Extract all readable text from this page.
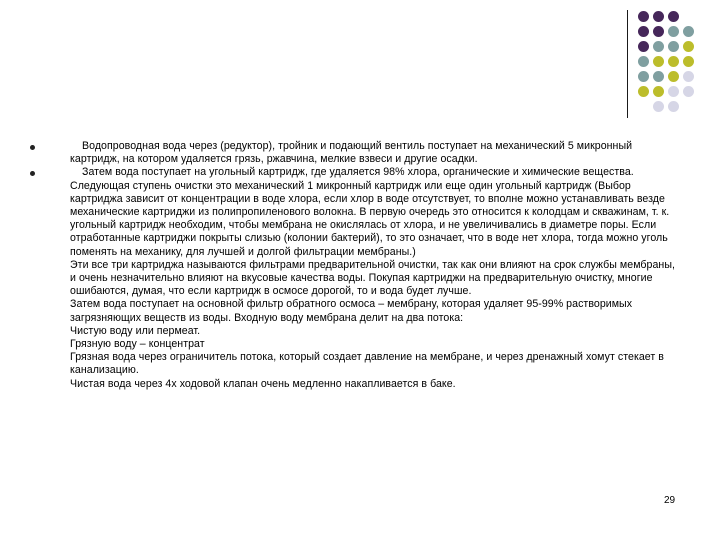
Водопроводная вода через (редуктор), тройник и подающий вентиль поступает на механический 5 микронный картридж, на котором удаляется грязь, ржавчина, мелкие взвеси и другие осадки.
Затем вода поступает на угольный картридж, где удаляется 98% хлора, органические и химические вещества.
Следующая ступень очистки это механический 1 микронный картридж или еще один угольный картридж (Выбор картриджа зависит от концентрации в воде хлора, если хлор в воде отсутствует, то вполне можно устанавливать везде механические картриджи из полипропиленового волокна. В первую очередь это относится к колодцам и скважинам, т. к. угольный картридж необходим, чтобы мембрана не окислялась от хлора, и не увеличивались в диаметре поры. Если отработанные картриджи покрыты слизью (колонии бактерий), то это означает, что в воде нет хлора, тогда можно уголь поменять на механику, для лучшей и долгой фильтрации мембраны.)
Эти все три картриджа называются фильтрами предварительной очистки, так как они влияют на срок службы мембраны, и очень незначительно влияют на вкусовые качества воды. Покупая картриджи на предварительную очистку, многие ошибаются, думая, что если картридж в осмосе дорогой, то и вода будет лучше.
Затем вода поступает на основной фильтр обратного осмоса – мембрану, которая удаляет 95-99% растворимых загрязняющих веществ из воды. Входную воду мембрана делит на два потока:
Чистую воду или пермеат.
Грязную воду – концентрат
Грязная вода через ограничитель потока, который создает давление на мембране, и через дренажный хомут стекает в канализацию.
Чистая вода через 4х ходовой клапан очень медленно накапливается в баке.
29
